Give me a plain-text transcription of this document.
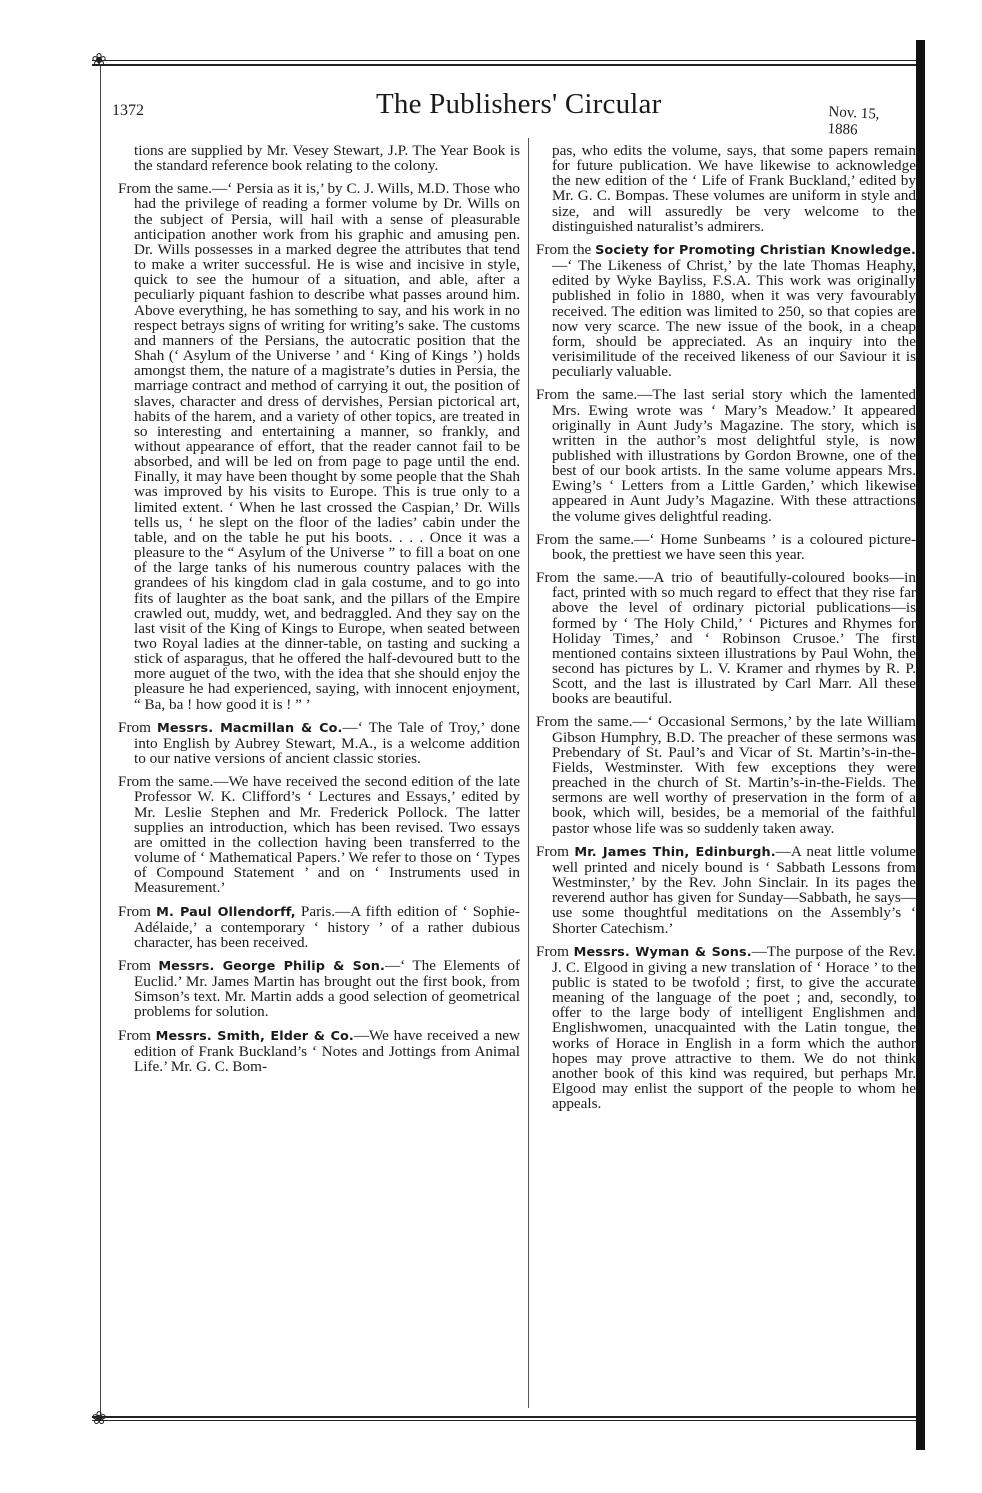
❀
❀
1372	The Publishers' Circular	Nov. 15, 1886

tions are supplied by Mr. Vesey Stewart, J.P. The Year Book is the standard reference book relating to the colony.

From the same.—‘ Persia as it is,’ by C. J. Wills, M.D. Those who had the privilege of reading a former volume by Dr. Wills on the subject of Persia, will hail with a sense of pleasurable anticipation another work from his graphic and amusing pen. Dr. Wills possesses in a marked degree the attributes that tend to make a writer successful. He is wise and incisive in style, quick to see the humour of a situation, and able, after a peculiarly piquant fashion to describe what passes around him. Above everything, he has something to say, and his work in no respect betrays signs of writing for writing’s sake. The customs and manners of the Persians, the autocratic position that the Shah (‘ Asylum of the Universe ’ and ‘ King of Kings ’) holds amongst them, the nature of a magistrate’s duties in Persia, the marriage contract and method of carrying it out, the position of slaves, character and dress of dervishes, Persian pictorical art, habits of the harem, and a variety of other topics, are treated in so interesting and entertaining a manner, so frankly, and without appearance of effort, that the reader cannot fail to be absorbed, and will be led on from page to page until the end. Finally, it may have been thought by some people that the Shah was improved by his visits to Europe. This is true only to a limited extent. ‘ When he last crossed the Caspian,’ Dr. Wills tells us, ‘ he slept on the floor of the ladies’ cabin under the table, and on the table he put his boots. . . . Once it was a pleasure to the “ Asylum of the Universe ” to fill a boat on one of the large tanks of his numerous country palaces with the grandees of his kingdom clad in gala costume, and to go into fits of laughter as the boat sank, and the pillars of the Empire crawled out, muddy, wet, and bedraggled. And they say on the last visit of the King of Kings to Europe, when seated between two Royal ladies at the dinner-table, on tasting and sucking a stick of asparagus, that he offered the half-devoured butt to the more auguet of the two, with the idea that she should enjoy the pleasure he had experienced, saying, with innocent enjoyment, “ Ba, ba ! how good it is ! ” ’

From Messrs. Macmillan & Co.—‘ The Tale of Troy,’ done into English by Aubrey Stewart, M.A., is a welcome addition to our native versions of ancient classic stories.

From the same.—We have received the second edition of the late Professor W. K. Clifford’s ‘ Lectures and Essays,’ edited by Mr. Leslie Stephen and Mr. Frederick Pollock. The latter supplies an introduction, which has been revised. Two essays are omitted in the collection having been transferred to the volume of ‘ Mathematical Papers.’ We refer to those on ‘ Types of Compound Statement ’ and on ‘ Instruments used in Measurement.’

From M. Paul Ollendorff, Paris.—A fifth edition of ‘ Sophie-Adélaide,’ a contemporary ‘ history ’ of a rather dubious character, has been received.

From Messrs. George Philip & Son.—‘ The Elements of Euclid.’ Mr. James Martin has brought out the first book, from Simson’s text. Mr. Martin adds a good selection of geometrical problems for solution.

From Messrs. Smith, Elder & Co.—We have received a new edition of Frank Buckland’s ‘ Notes and Jottings from Animal Life.’ Mr. G. C. Bom-

pas, who edits the volume, says, that some papers remain for future publication. We have likewise to acknowledge the new edition of the ‘ Life of Frank Buckland,’ edited by Mr. G. C. Bompas. These volumes are uniform in style and size, and will assuredly be very welcome to the distinguished naturalist’s admirers.

From the Society for Promoting Christian Knowledge.—‘ The Likeness of Christ,’ by the late Thomas Heaphy, edited by Wyke Bayliss, F.S.A. This work was originally published in folio in 1880, when it was very favourably received. The edition was limited to 250, so that copies are now very scarce. The new issue of the book, in a cheap form, should be appreciated. As an inquiry into the verisimilitude of the received likeness of our Saviour it is peculiarly valuable.

From the same.—The last serial story which the lamented Mrs. Ewing wrote was ‘ Mary’s Meadow.’ It appeared originally in Aunt Judy’s Magazine. The story, which is written in the author’s most delightful style, is now published with illustrations by Gordon Browne, one of the best of our book artists. In the same volume appears Mrs. Ewing’s ‘ Letters from a Little Garden,’ which likewise appeared in Aunt Judy’s Magazine. With these attractions the volume gives delightful reading.

From the same.—‘ Home Sunbeams ’ is a coloured picture-book, the prettiest we have seen this year.

From the same.—A trio of beautifully-coloured books—in fact, printed with so much regard to effect that they rise far above the level of ordinary pictorial publications—is formed by ‘ The Holy Child,’ ‘ Pictures and Rhymes for Holiday Times,’ and ‘ Robinson Crusoe.’ The first mentioned contains sixteen illustrations by Paul Wohn, the second has pictures by L. V. Kramer and rhymes by R. P. Scott, and the last is illustrated by Carl Marr. All these books are beautiful.

From the same.—‘ Occasional Sermons,’ by the late William Gibson Humphry, B.D. The preacher of these sermons was Prebendary of St. Paul’s and Vicar of St. Martin’s-in-the-Fields, Westminster. With few exceptions they were preached in the church of St. Martin’s-in-the-Fields. The sermons are well worthy of preservation in the form of a book, which will, besides, be a memorial of the faithful pastor whose life was so suddenly taken away.

From Mr. James Thin, Edinburgh.—A neat little volume well printed and nicely bound is ‘ Sabbath Lessons from Westminster,’ by the Rev. John Sinclair. In its pages the reverend author has given for Sunday—Sabbath, he says—use some thoughtful meditations on the Assembly’s ‘ Shorter Catechism.’

From Messrs. Wyman & Sons.—The purpose of the Rev. J. C. Elgood in giving a new translation of ‘ Horace ’ to the public is stated to be twofold ; first, to give the accurate meaning of the language of the poet ; and, secondly, to offer to the large body of intelligent Englishmen and Englishwomen, unacquainted with the Latin tongue, the works of Horace in English in a form which the author hopes may prove attractive to them. We do not think another book of this kind was required, but perhaps Mr. Elgood may enlist the support of the people to whom he appeals.
